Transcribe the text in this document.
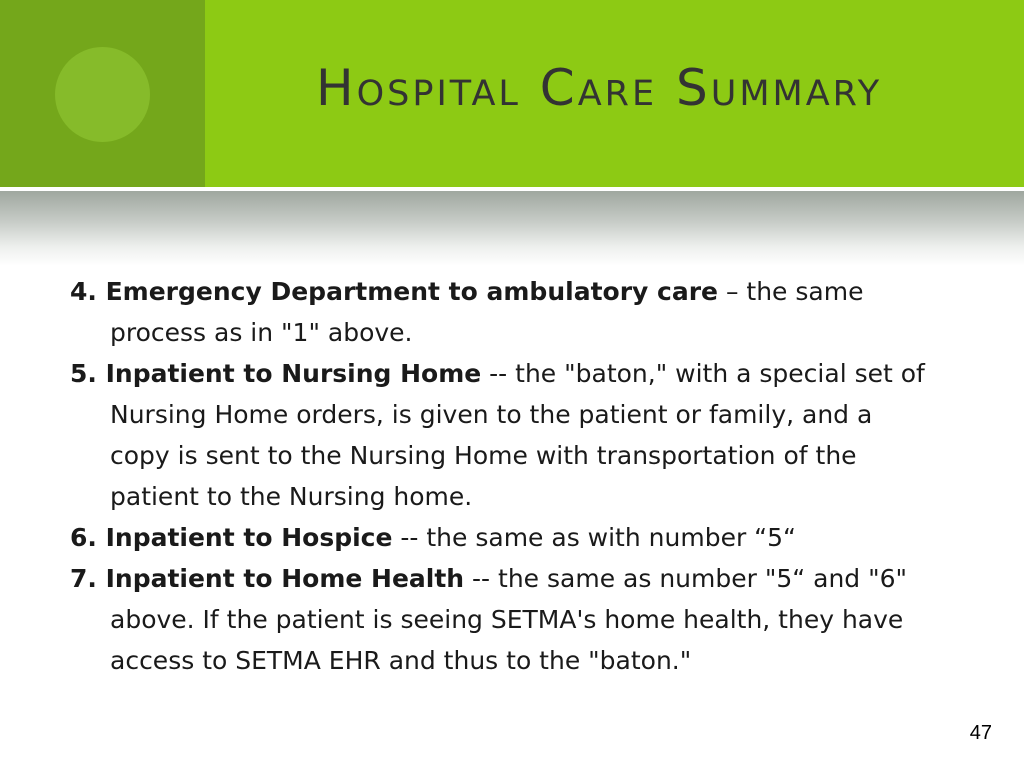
Hospital Care Summary

4. Emergency Department to ambulatory care – the same process as in "1" above.

5. Inpatient to Nursing Home -- the "baton," with a special set of Nursing Home orders, is given to the patient or family, and a copy is sent to the Nursing Home with transportation of the patient to the Nursing home.

6. Inpatient to Hospice -- the same as with number “5“

7. Inpatient to Home Health -- the same as number "5“ and "6" above. If the patient is seeing SETMA's home health, they have access to SETMA EHR and thus to the "baton."

47
